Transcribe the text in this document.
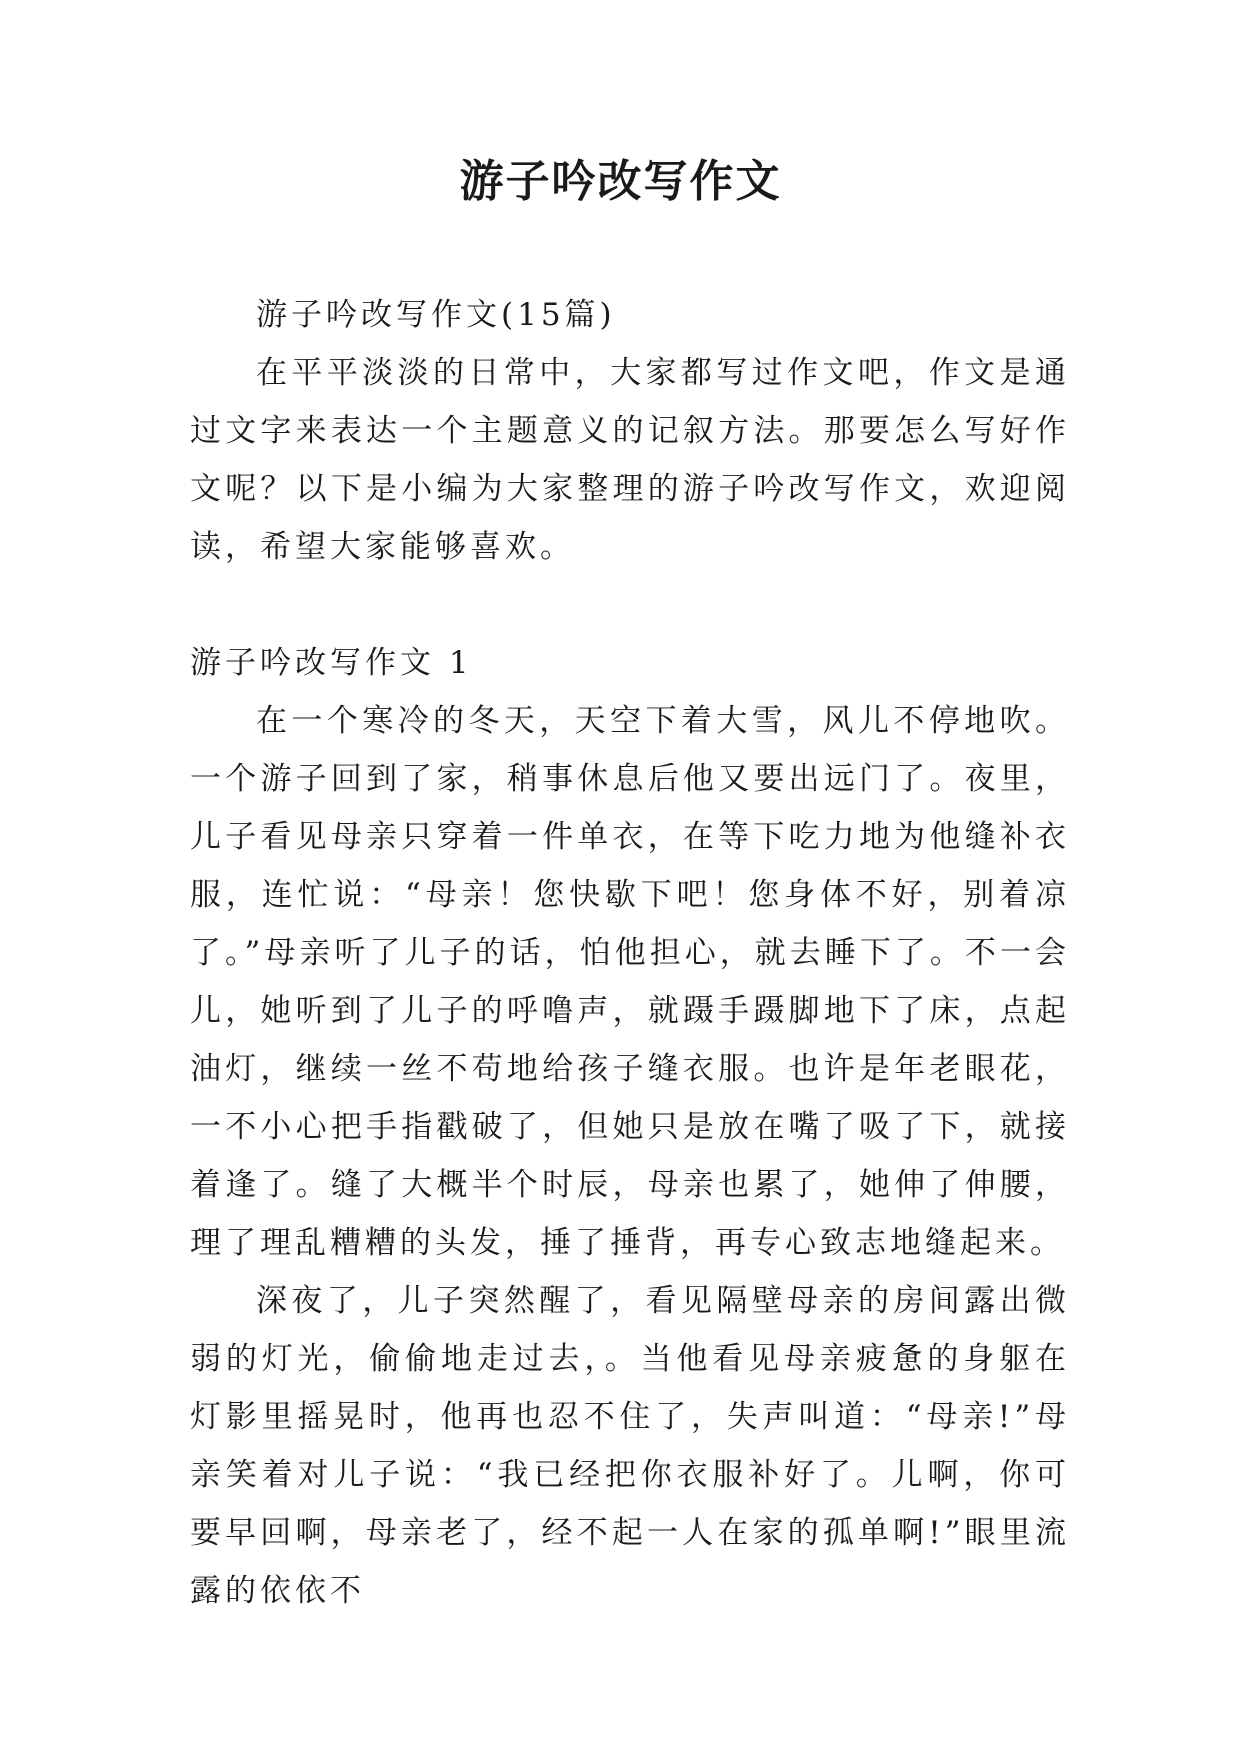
游子吟改写作文

游子吟改写作文(15篇)

在平平淡淡的日常中，大家都写过作文吧，作文是通过文字来表达一个主题意义的记叙方法。那要怎么写好作文呢？以下是小编为大家整理的游子吟改写作文，欢迎阅读，希望大家能够喜欢。

游子吟改写作文 1

在一个寒冷的冬天，天空下着大雪，风儿不停地吹。一个游子回到了家，稍事休息后他又要出远门了。夜里，儿子看见母亲只穿着一件单衣，在等下吃力地为他缝补衣服，连忙说：“母亲！您快歇下吧！您身体不好，别着凉了。”母亲听了儿子的话，怕他担心，就去睡下了。不一会儿，她听到了儿子的呼噜声，就蹑手蹑脚地下了床，点起油灯，继续一丝不苟地给孩子缝衣服。也许是年老眼花，一不小心把手指戳破了，但她只是放在嘴了吸了下，就接着逢了。缝了大概半个时辰，母亲也累了，她伸了伸腰，理了理乱糟糟的头发，捶了捶背，再专心致志地缝起来。

深夜了，儿子突然醒了，看见隔壁母亲的房间露出微弱的灯光，偷偷地走过去，。当他看见母亲疲惫的身躯在灯影里摇晃时，他再也忍不住了，失声叫道：“母亲!”母亲笑着对儿子说：“我已经把你衣服补好了。儿啊，你可要早回啊，母亲老了，经不起一人在家的孤单啊!”眼里流露的依依不
